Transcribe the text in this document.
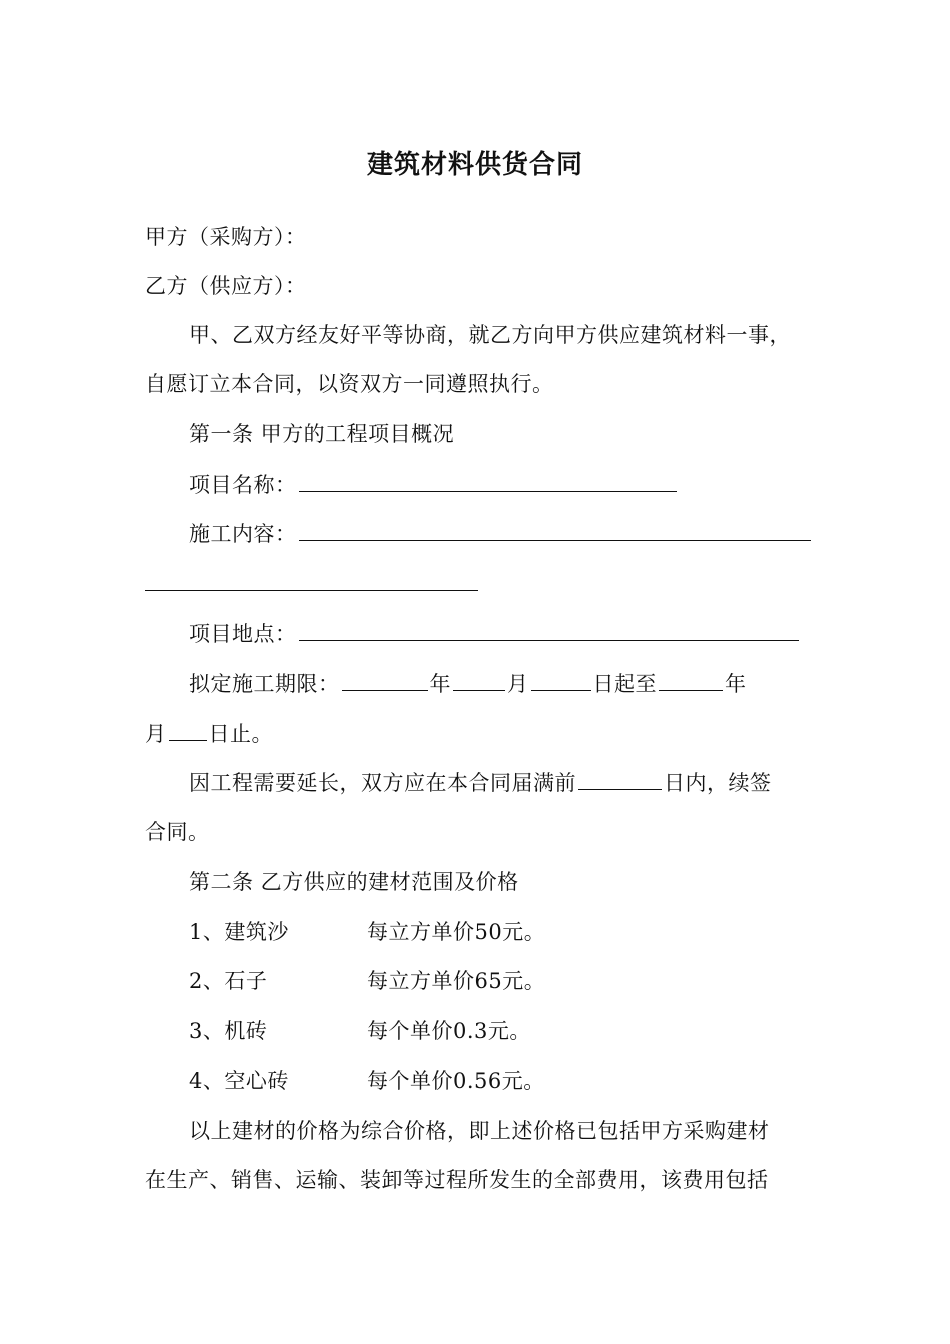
建筑材料供货合同
甲方（采购方）：
乙方（供应方）：
甲、乙双方经友好平等协商，就乙方向甲方供应建筑材料一事，
自愿订立本合同，以资双方一同遵照执行。
第一条 甲方的工程项目概况
项目名称：
施工内容：
项目地点：
拟定施工期限：	年	月	日起至	年
月 日止。
因工程需要延长，双方应在本合同届满前	日内，续签
合同。
第二条 乙方供应的建材范围及价格
1、建筑沙	每立方单价50元。
2、石子	每立方单价65元。
3、机砖	每个单价0.3元。
4、空心砖	每个单价0.56元。
以上建材的价格为综合价格，即上述价格已包括甲方采购建材
在生产、销售、运输、装卸等过程所发生的全部费用，该费用包括
